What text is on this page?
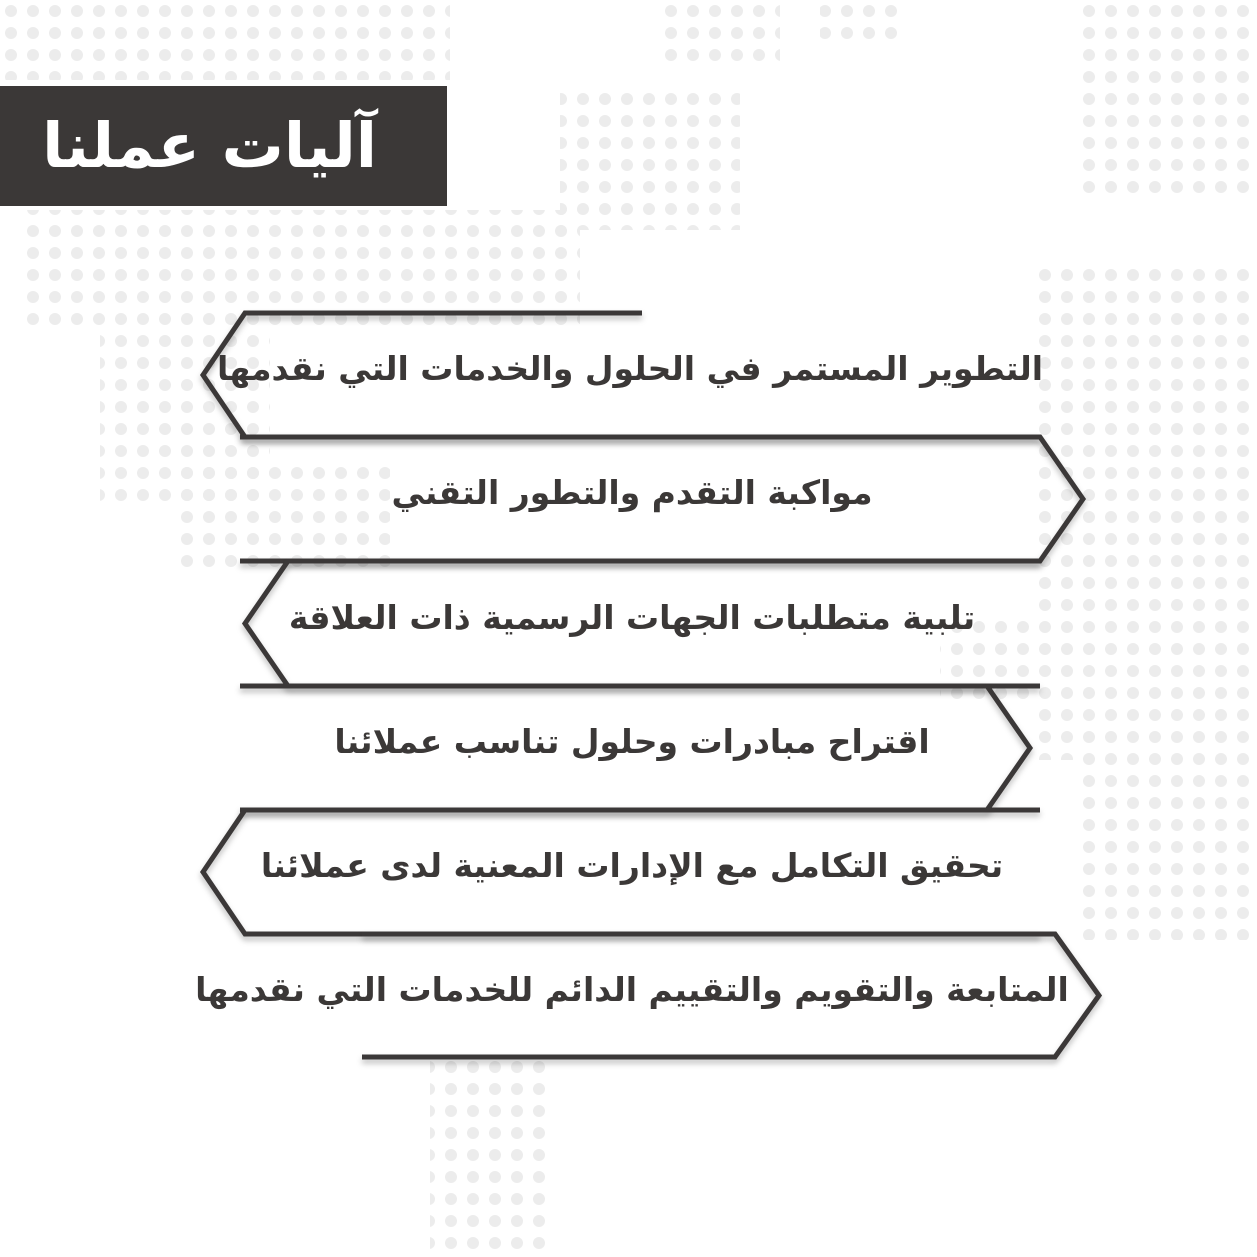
آليات عملنا
التطوير المستمر في الحلول والخدمات التي نقدمها
مواكبة التقدم والتطور التقني
تلبية متطلبات الجهات الرسمية ذات العلاقة
اقتراح مبادرات وحلول تناسب عملائنا
تحقيق التكامل مع الإدارات المعنية لدى عملائنا
المتابعة والتقويم والتقييم الدائم للخدمات التي نقدمها
